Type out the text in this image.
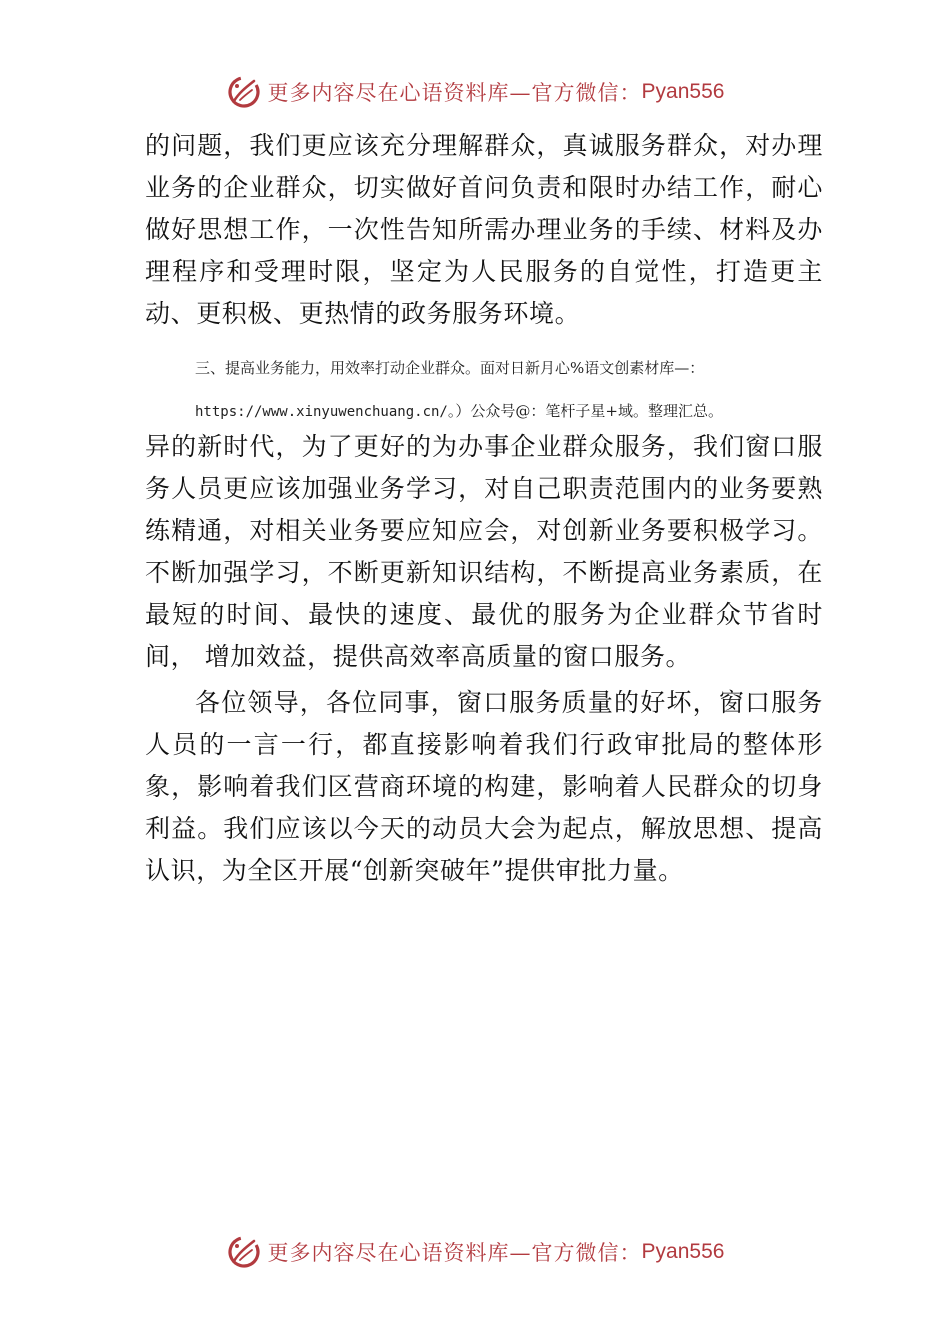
更多内容尽在心语资料库—官方微信： Pyan556

的问题，我们更应该充分理解群众，真诚服务群众，对办理业务的企业群众，切实做好首问负责和限时办结工作，耐心做好思想工作，一次性告知所需办理业务的手续、材料及办理程序和受理时限，坚定为人民服务的自觉性，打造更主动、更积极、更热情的政务服务环境。

三、提高业务能力，用效率打动企业群众。面对日新月心%语文创素材库—：

https://www.xinyuwenchuang.cn/。）公众号@：笔杆子星+域。整理汇总。

异的新时代，为了更好的为办事企业群众服务，我们窗口服务人员更应该加强业务学习，对自己职责范围内的业务要熟练精通，对相关业务要应知应会，对创新业务要积极学习。 不断加强学习，不断更新知识结构，不断提高业务素质，在最短的时间、最快的速度、最优的服务为企业群众节省时间， 增加效益，提供高效率高质量的窗口服务。

各位领导，各位同事，窗口服务质量的好坏，窗口服务人员的一言一行，都直接影响着我们行政审批局的整体形象，影响着我们区营商环境的构建，影响着人民群众的切身利益。我们应该以今天的动员大会为起点，解放思想、提高认识，为全区开展“创新突破年”提供审批力量。

更多内容尽在心语资料库—官方微信： Pyan556
